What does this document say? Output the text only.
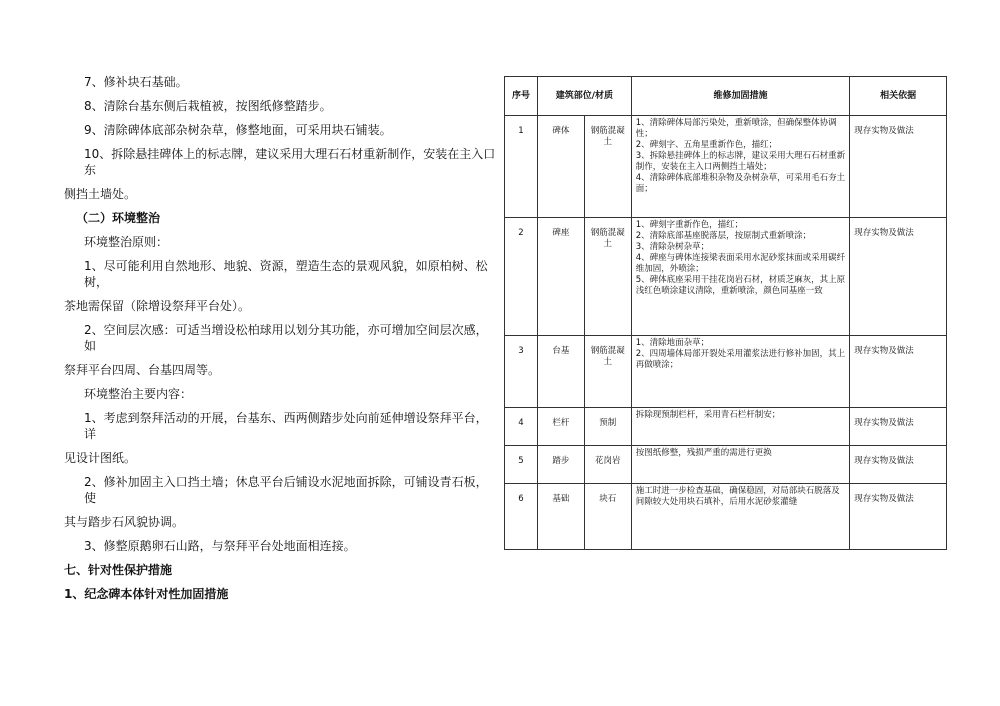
7、修补块石基础。

8、清除台基东侧后栽植被，按图纸修整踏步。

9、清除碑体底部杂树杂草，修整地面，可采用块石铺装。

10、拆除悬挂碑体上的标志牌，建议采用大理石石材重新制作，安装在主入口东

侧挡土墙处。

（二）环境整治

环境整治原则：

1、尽可能利用自然地形、地貌、资源，塑造生态的景观风貌，如原柏树、松树，

茶地需保留（除增设祭拜平台处）。

2、空间层次感：可适当增设松柏球用以划分其功能，亦可增加空间层次感，如

祭拜平台四周、台基四周等。

环境整治主要内容：

1、考虑到祭拜活动的开展，台基东、西两侧踏步处向前延伸增设祭拜平台，详

见设计图纸。

2、修补加固主入口挡土墙；休息平台后铺设水泥地面拆除，可铺设青石板，使

其与踏步石风貌协调。

3、修整原鹅卵石山路，与祭拜平台处地面相连接。

七、针对性保护措施

1、纪念碑本体针对性加固措施

序号	建筑部位/材质		维修加固措施	相关依据
1	碑体	钢筋混凝土	1、清除碑体局部污染处，重新喷涂，但确保整体协调性；
2、碑刻字、五角星重新作色，描红；
3、拆除悬挂碑体上的标志牌，建议采用大理石石材重新制作，安装在主入口两侧挡土墙处；
4、清除碑体底部堆积杂物及杂树杂草，可采用毛石夯土面；	现存实物及做法
2	碑座	钢筋混凝土	1、碑刻字重新作色，描红；
2、清除底部基座脱落层，按原制式重新喷涂；
3、清除杂树杂草；
4、碑座与碑体连接梁表面采用水泥砂浆抹面或采用碳纤维加固，外喷涂；
5、碑体底座采用干挂花岗岩石材，材质芝麻灰，其上原浅红色喷涂建议清除，重新喷涂，颜色同基座一致	现存实物及做法
3	台基	钢筋混凝土	1、清除地面杂草；
2、四周墙体局部开裂处采用灌浆法进行修补加固，其上再做喷涂；	现存实物及做法
4	栏杆	预制	拆除现预制栏杆，采用青石栏杆制安；	现存实物及做法
5	踏步	花岗岩	按图纸修整，残损严重的需进行更换	现存实物及做法
6	基础	块石	施工时进一步检查基础，确保稳固，对局部块石脱落及间隙较大处用块石填补，后用水泥砂浆灌缝	现存实物及做法
